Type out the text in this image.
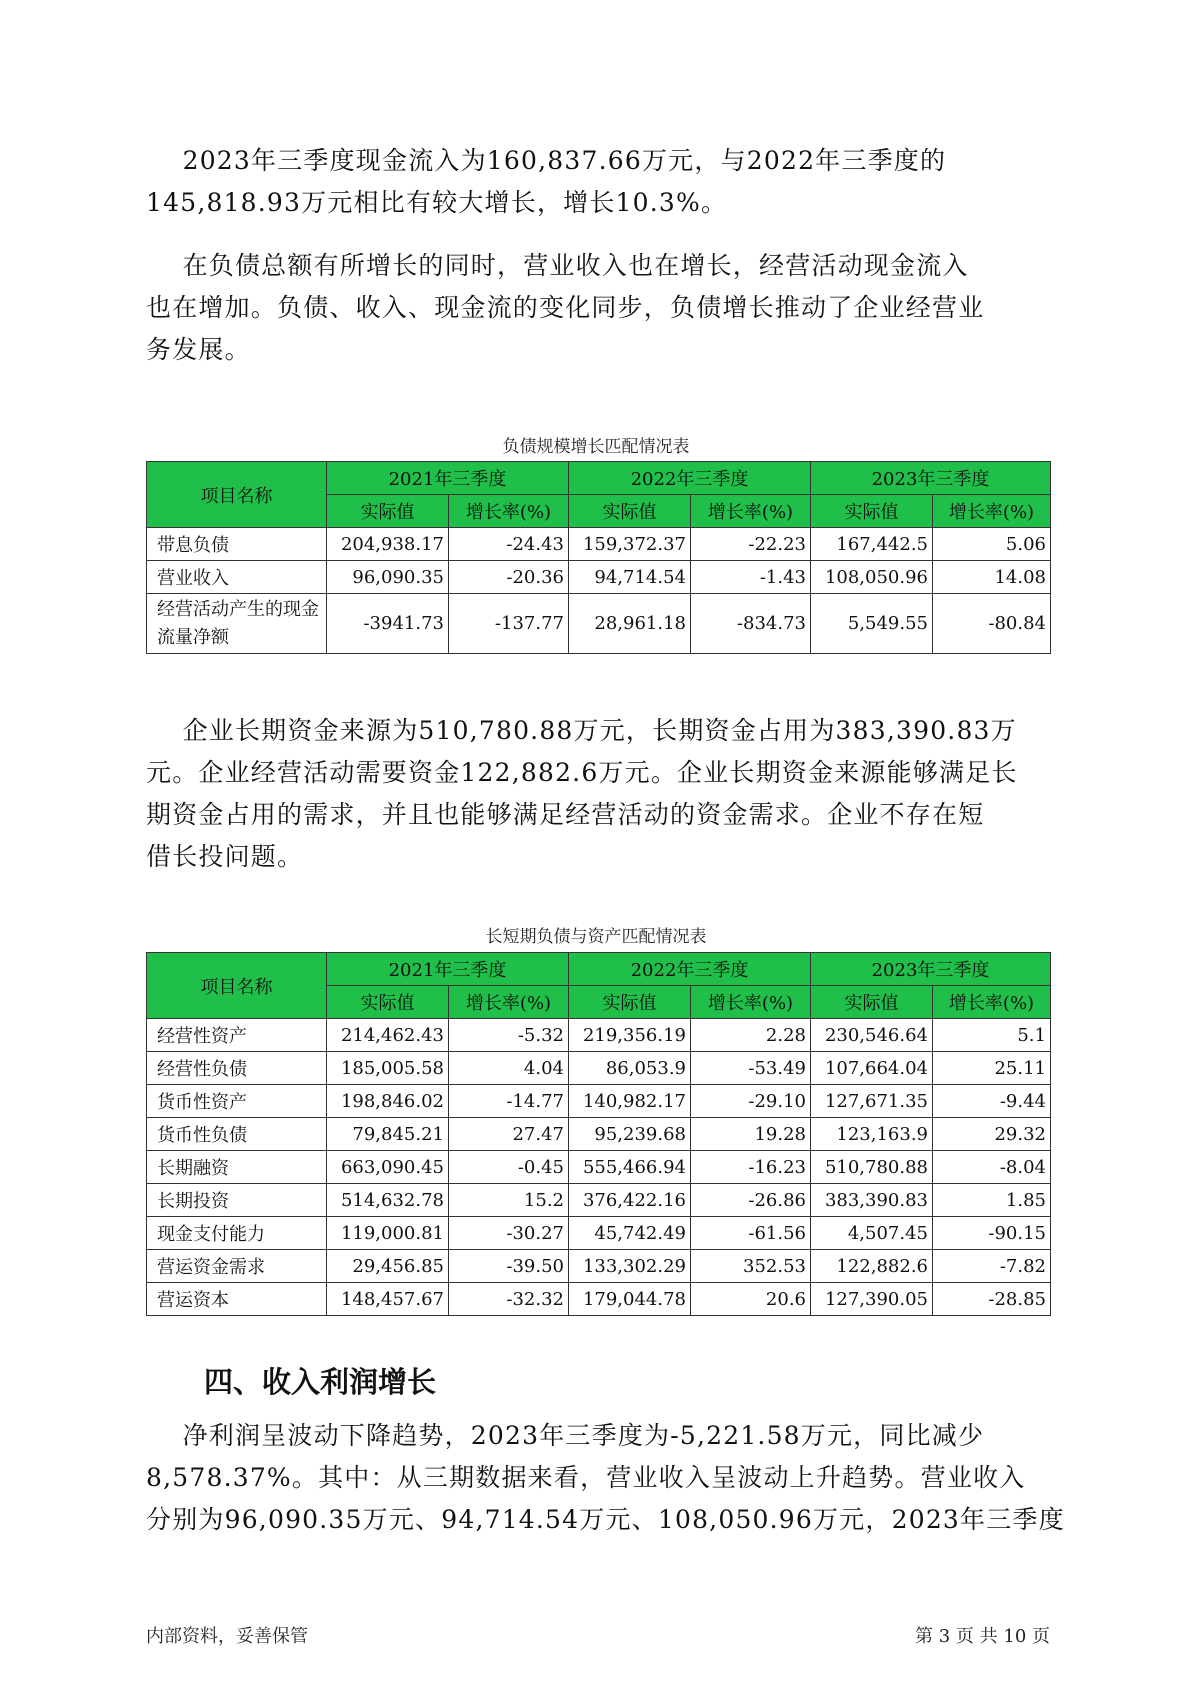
2023年三季度现金流入为160,837.66万元，与2022年三季度的
145,818.93万元相比有较大增长，增长10.3%。
在负债总额有所增长的同时，营业收入也在增长，经营活动现金流入
也在增加。负债、收入、现金流的变化同步，负债增长推动了企业经营业
务发展。
负债规模增长匹配情况表
项目名称	2021年三季度		2022年三季度		2023年三季度	
	实际值	增长率(%)	实际值	增长率(%)	实际值	增长率(%)
带息负债	204,938.17	-24.43	159,372.37	-22.23	167,442.5	5.06
营业收入	96,090.35	-20.36	94,714.54	-1.43	108,050.96	14.08
经营活动产生的现金流量净额	-3941.73	-137.77	28,961.18	-834.73	5,549.55	-80.84
企业长期资金来源为510,780.88万元，长期资金占用为383,390.83万
元。企业经营活动需要资金122,882.6万元。企业长期资金来源能够满足长
期资金占用的需求，并且也能够满足经营活动的资金需求。企业不存在短
借长投问题。
长短期负债与资产匹配情况表
项目名称	2021年三季度		2022年三季度		2023年三季度	
	实际值	增长率(%)	实际值	增长率(%)	实际值	增长率(%)
经营性资产	214,462.43	-5.32	219,356.19	2.28	230,546.64	5.1
经营性负债	185,005.58	4.04	86,053.9	-53.49	107,664.04	25.11
货币性资产	198,846.02	-14.77	140,982.17	-29.10	127,671.35	-9.44
货币性负债	79,845.21	27.47	95,239.68	19.28	123,163.9	29.32
长期融资	663,090.45	-0.45	555,466.94	-16.23	510,780.88	-8.04
长期投资	514,632.78	15.2	376,422.16	-26.86	383,390.83	1.85
现金支付能力	119,000.81	-30.27	45,742.49	-61.56	4,507.45	-90.15
营运资金需求	29,456.85	-39.50	133,302.29	352.53	122,882.6	-7.82
营运资本	148,457.67	-32.32	179,044.78	20.6	127,390.05	-28.85
四、收入利润增长
净利润呈波动下降趋势，2023年三季度为-5,221.58万元，同比减少
8,578.37%。其中：从三期数据来看，营业收入呈波动上升趋势。营业收入
分别为96,090.35万元、94,714.54万元、108,050.96万元，2023年三季度
内部资料，妥善保管	第 3 页 共 10 页
